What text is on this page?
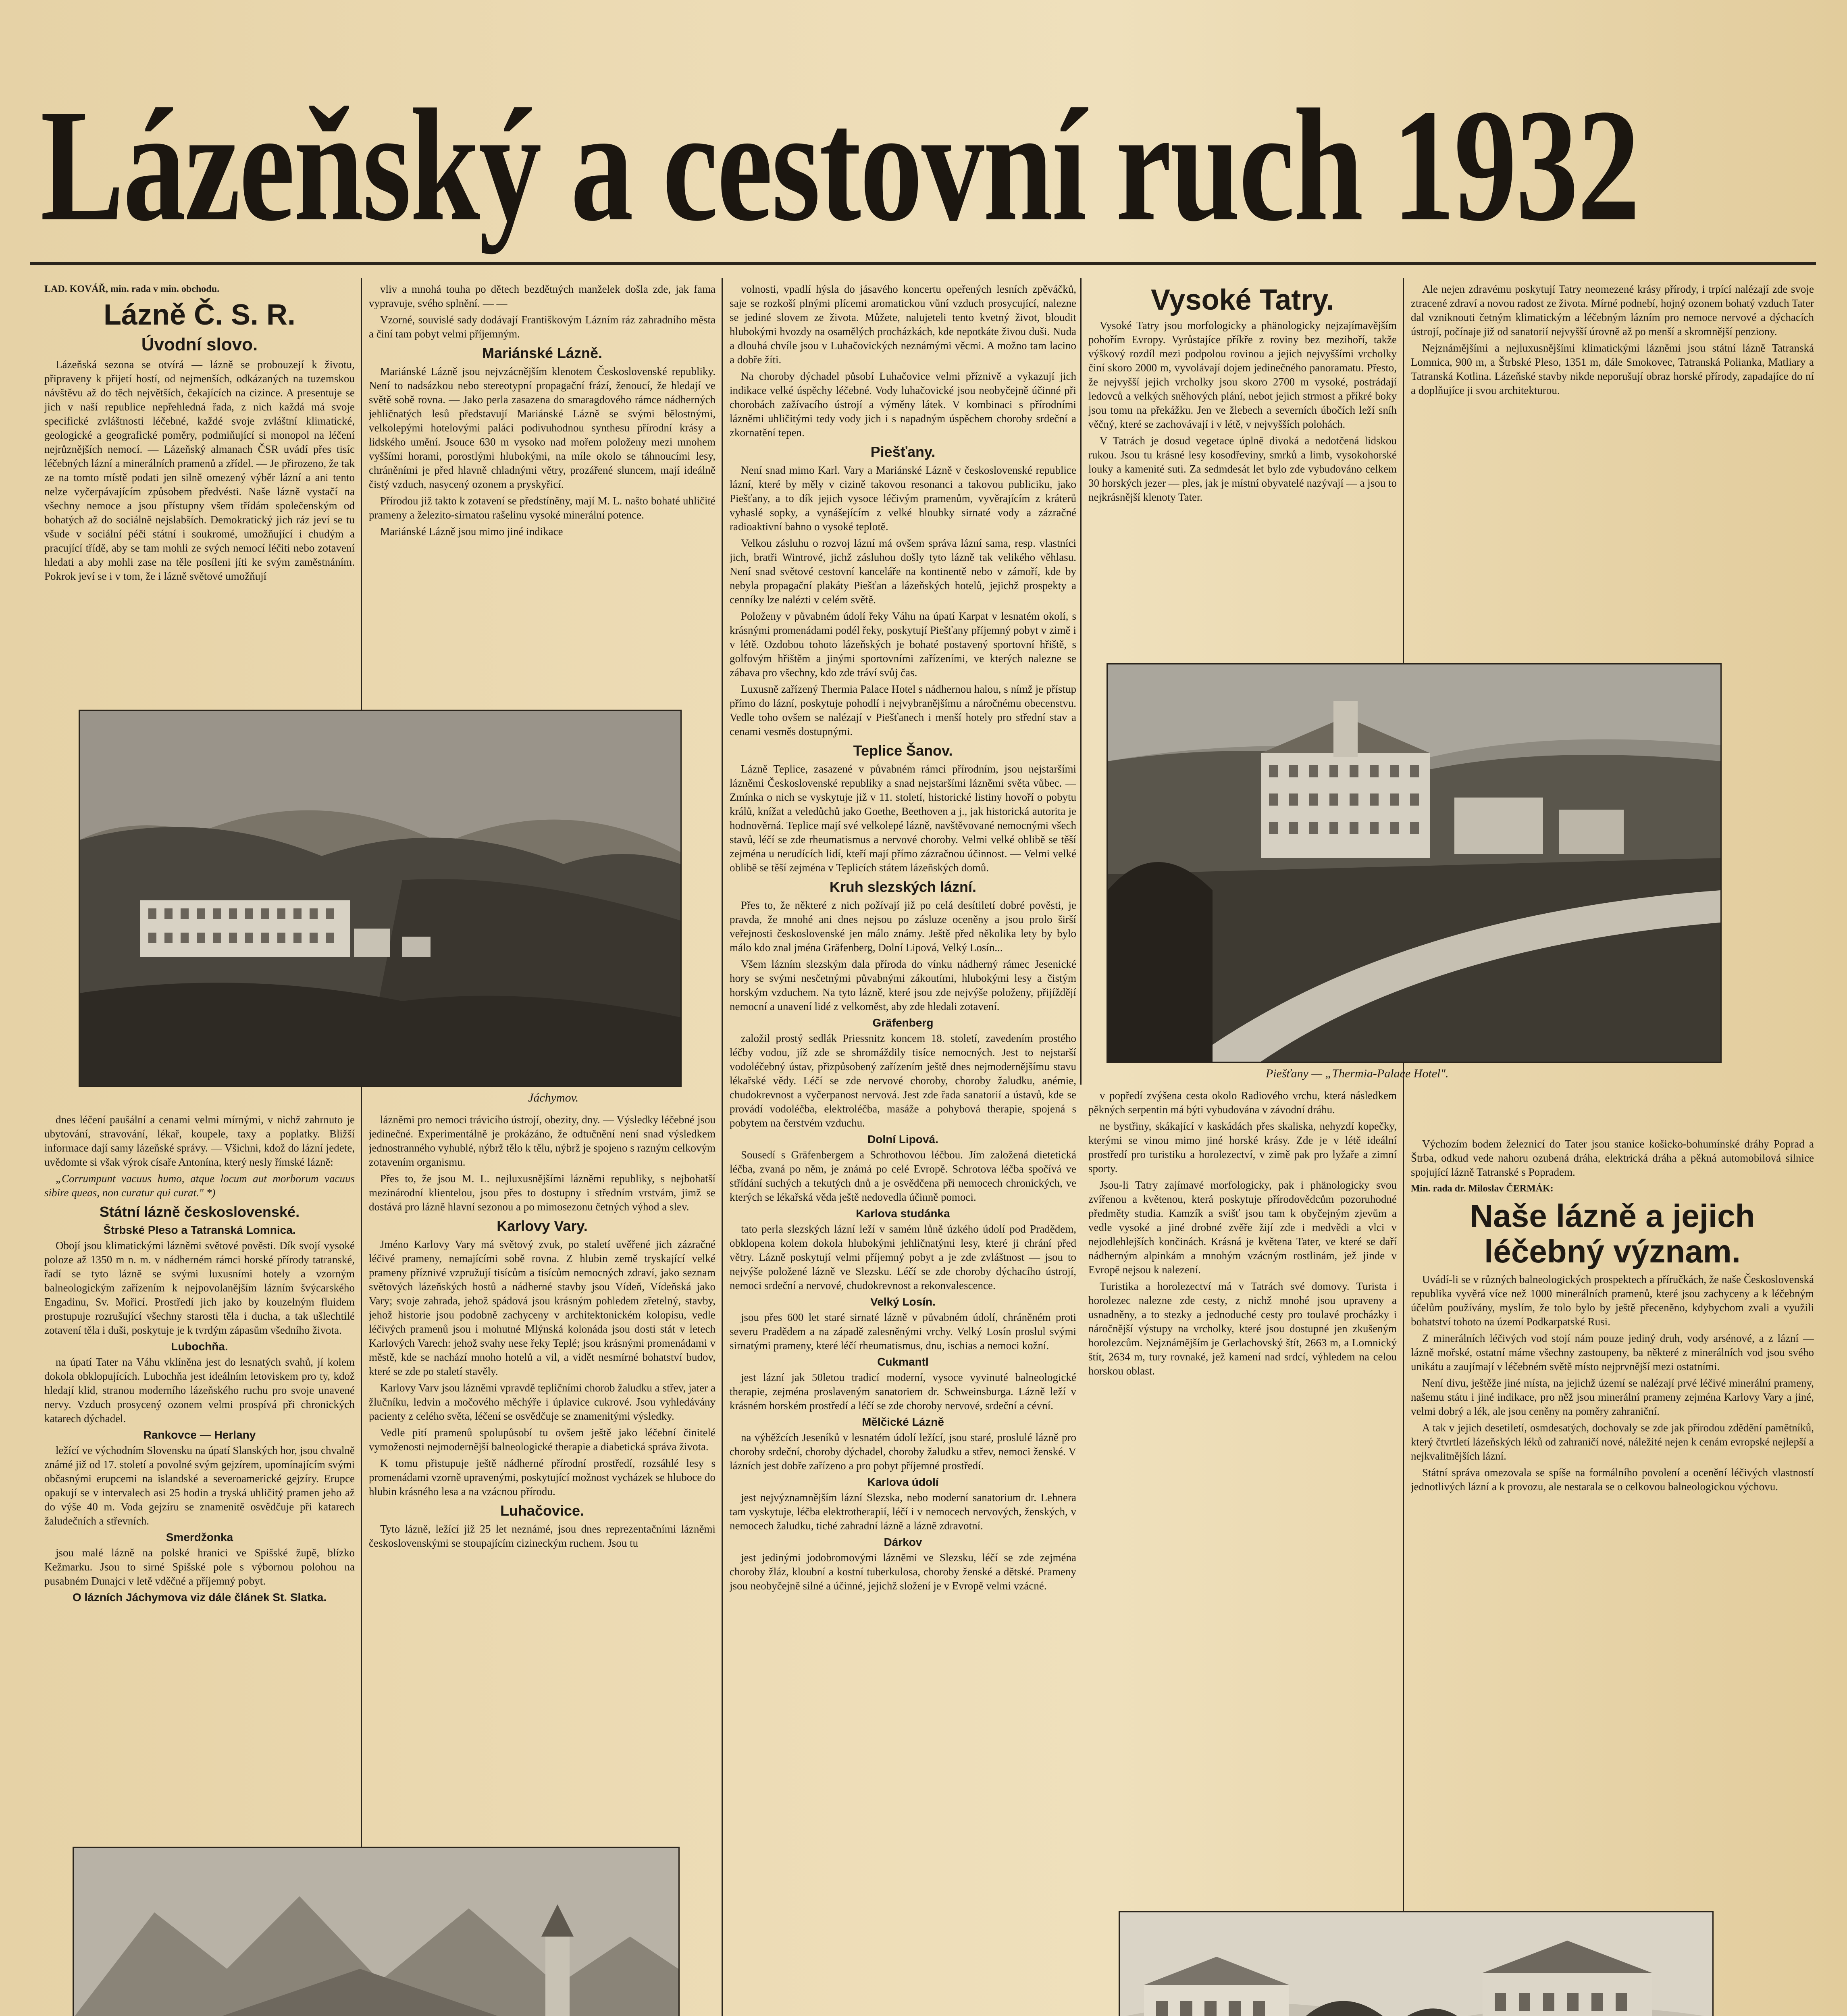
Lázeňský a cestovní ruch 1932
LAD. KOVÁŘ, min. rada v min. obchodu.
Lázně Č. S. R.
Úvodní slovo.

Lázeňská sezona se otvírá — lázně se probouzejí k životu, připraveny k přijetí hostí, od nejmenších, odkázaných na tuzemskou návštěvu až do těch největších, čekajících na cizince. A presentuje se jich v naší republice nepřehledná řada, z nich každá má svoje specifické zvláštnosti léčebné, každé svoje zvláštní klimatické, geologické a geografické poměry, podmiňující si monopol na léčení nejrůznějších nemocí. — Lázeňský almanach ČSR uvádí přes tisíc léčebných lázní a minerálních pramenů a zřídel. — Je přirozeno, že tak ze na tomto místě podati jen silně omezený výběr lázní a ani tento nelze vyčerpávajícím způsobem předvésti. Naše lázně vystačí na všechny nemoce a jsou přístupny všem třídám společenským od bohatých až do sociálně nejslabších. Demokratický jich ráz jeví se tu všude v sociální péči státní i soukromé, umožňující i chudým a pracující třídě, aby se tam mohli ze svých nemocí léčiti nebo zotavení hledati a aby mohli zase na těle posíleni jíti ke svým zaměstnáním. Pokrok jeví se i v tom, že i lázně světové umožňují

vliv a mnohá touha po dětech bezdětných manželek došla zde, jak fama vypravuje, svého splnění. — —

Vzorné, souvislé sady dodávají Františkovým Lázním ráz zahradního města a činí tam pobyt velmi příjemným.

Mariánské Lázně.

Mariánské Lázně jsou nejvzácnějším klenotem Československé republiky. Není to nadsázkou nebo stereotypní propagační frází, ženoucí, že hledají ve světě sobě rovna. — Jako perla zasazena do smaragdového rámce nádherných jehličnatých lesů představují Mariánské Lázně se svými bělostnými, velkolepými hotelovými paláci podivuhodnou synthesu přírodní krásy a lidského umění. Jsouce 630 m vysoko nad mořem položeny mezi mnohem vyššími horami, porostlými hlubokými, na míle okolo se táhnoucími lesy, chráněními je před hlavně chladnými větry, prozářené sluncem, mají ideálně čistý vzduch, nasycený ozonem a pryskyřicí.

Přírodou již takto k zotavení se předstíněny, mají M. L. našto bohaté uhličité prameny a železito-sirnatou rašelinu vysoké minerální potence.

Mariánské Lázně jsou mimo jiné indikace

Jáchymov.

dnes léčení paušální a cenami velmi mírnými, v nichž zahrnuto je ubytování, stravování, lékař, koupele, taxy a poplatky. Bližší informace dají samy lázeňské správy. — Všichni, kdož do lázní jedete, uvědomte si však výrok císaře Antonína, který nesly římské lázně:

„Corrumpunt vacuus humo, atque locum aut morborum vacuus sibire queas, non curatur qui curat." *)

Státní lázně československé.
Štrbské Pleso a Tatranská Lomnica.

Obojí jsou klimatickými lázněmi světové pověsti. Dík svojí vysoké poloze až 1350 m n. m. v nádherném rámci horské přírody tatranské, řadí se tyto lázně se svými luxusními hotely a vzorným balneologickým zařízením k nejpovolanějším lázním švýcarského Engadinu, Sv. Mořicí. Prostředí jich jako by kouzelným fluidem prostupuje rozrušující všechny starosti těla i ducha, a tak ušlechtilé zotavení těla i duši, poskytuje je k tvrdým zápasům všedního života.

Lubochňa.

na úpatí Tater na Váhu vklíněna jest do lesnatých svahů, jí kolem dokola obklopujících. Lubochňa jest ideálním letoviskem pro ty, kdož hledají klid, stranou moderního lázeňského ruchu pro svoje unavené nervy. Vzduch prosycený ozonem velmi prospívá při chronických katarech dýchadel.

Rankovce — Herlany

ležící ve východním Slovensku na úpatí Slanských hor, jsou chvalně známé již od 17. století a povolné svým gejzírem, upomínajícím svými občasnými erupcemi na islandské a severoamerické gejzíry. Erupce opakují se v intervalech asi 25 hodin a tryská uhličitý pramen jeho až do výše 40 m. Voda gejzíru se znamenitě osvědčuje při katarech žaludečních a střevních.

Smerdžonka

jsou malé lázně na polské hranici ve Spišské župě, blízko Kežmarku. Jsou to sirné Spišské pole s výbornou polohou na pusabném Dunajci v letě vděčné a příjemný pobyt.

O lázních Jáchymova viz dále článek St. Slatka.

lázněmi pro nemoci trávicího ústrojí, obezity, dny. — Výsledky léčebné jsou jedinečné. Experimentálně je prokázáno, že odtučnění není snad výsledkem jednostranného vyhublé, nýbrž tělo k tělu, nýbrž je spojeno s razným celkovým zotavením organismu.

Přes to, že jsou M. L. nejluxusnějšími lázněmi republiky, s nejbohatší mezinárodní klientelou, jsou přes to dostupny i středním vrstvám, jimž se dostává pro lázně hlavní sezonou a po mimosezonu četných výhod a slev.

Karlovy Vary.

Jméno Karlovy Vary má světový zvuk, po staletí uvěřené jich zázračné léčivé prameny, nemajícími sobě rovna. Z hlubin země tryskající velké prameny příznivé vzpružují tisícům a tisícům nemocných zdraví, jako seznam světových lázeňských hostů a nádherné stavby jsou Vídeň, Vídeňská jako Vary; svoje zahrada, jehož spádová jsou krásným pohledem zřetelný, stavby, jehož historie jsou podobně zachyceny v architektonickém kolopisu, vedle léčivých pramenů jsou i mohutné Mlýnská kolonáda jsou dosti stát v letech Karlových Varech: jehož svahy nese řeky Teplé; jsou krásnými promenádami v městě, kde se nachází mnoho hotelů a vil, a vidět nesmírné bohatství budov, které se zde po staletí stavěly.

Karlovy Varv jsou lázněmi vpravdě tepličními chorob žaludku a střev, jater a žlučníku, ledvin a močového měchýře i úplavice cukrové. Jsou vyhledávány pacienty z celého světa, léčení se osvědčuje se znamenitými výsledky.

Vedle pití pramenů spolupůsobí tu ovšem ještě jako léčební činitelé vymoženosti nejmodernější balneologické therapie a diabetická správa života.

K tomu přistupuje ještě nádherné přírodní prostředí, rozsáhlé lesy s promenádami vzorně upravenými, poskytující možnost vycházek se hluboce do hlubin krásného lesa a na vzácnou přírodu.

Luhačovice.

Tyto lázně, ležící již 25 let neznámé, jsou dnes reprezentačními lázněmi československými se stoupajícím cizineckým ruchem. Jsou tu

volnosti, vpadlí hýsla do jásavého koncertu opeřených lesních zpěváčků, saje se rozkoší plnými plícemi aromatickou vůní vzduch prosycující, nalezne se jediné slovem ze života. Můžete, nalujeteli tento kvetný život, bloudit hlubokými hvozdy na osamělých procházkách, kde nepotkáte živou duši. Nuda a dlouhá chvíle jsou v Luhačovických neznámými věcmi. A možno tam lacino a dobře žíti.

Na choroby dýchadel působí Luhačovice velmi příznivě a vykazují jich indikace velké úspěchy léčebné. Vody luhačovické jsou neobyčejně účinné při chorobách zažívacího ústrojí a výměny látek. V kombinaci s přírodními lázněmi uhličitými tedy vody jich i s napadným úspěchem choroby srdeční a zkornatění tepen.

Piešťany.

Není snad mimo Karl. Vary a Mariánské Lázně v československé republice lázní, které by měly v cizině takovou resonanci a takovou publiciku, jako Piešťany, a to dík jejich vysoce léčivým pramenům, vyvěrajícím z kráterů vyhaslé sopky, a vynášejícím z velké hloubky sirnaté vody a zázračné radioaktivní bahno o vysoké teplotě.

Velkou zásluhu o rozvoj lázní má ovšem správa lázní sama, resp. vlastníci jich, bratři Wintrové, jichž zásluhou došly tyto lázně tak velikého věhlasu. Není snad světové cestovní kanceláře na kontinentě nebo v zámoří, kde by nebyla propagační plakáty Piešťan a lázeňských hotelů, jejichž prospekty a cenníky lze nalézti v celém světě.

Položeny v půvabném údolí řeky Váhu na úpatí Karpat v lesnatém okolí, s krásnými promenádami podél řeky, poskytují Piešťany příjemný pobyt v zimě i v létě. Ozdobou tohoto lázeňských je bohaté postavený sportovní hřiště, s golfovým hřištěm a jinými sportovními zařízeními, ve kterých nalezne se zábava pro všechny, kdo zde tráví svůj čas.

Luxusně zařízený Thermia Palace Hotel s nádhernou halou, s nímž je přístup přímo do lázní, poskytuje pohodlí i nejvybranějšímu a náročnému obecenstvu. Vedle toho ovšem se nalézají v Piešťanech i menší hotely pro střední stav a cenami vesměs dostupnými.

Teplice Šanov.

Lázně Teplice, zasazené v půvabném rámci přírodním, jsou nejstaršími lázněmi Československé republiky a snad nejstaršími lázněmi světa vůbec. — Zmínka o nich se vyskytuje již v 11. století, historické listiny hovoří o pobytu králů, knížat a veledůchů jako Goethe, Beethoven a j., jak historická autorita je hodnověrná. Teplice mají své velkolepé lázně, navštěvované nemocnými všech stavů, léčí se zde rheumatismus a nervové choroby. Velmi velké oblibě se těší zejména u nerudících lidí, kteří mají přímo zázračnou účinnost. — Velmi velké oblibě se těší zejména v Teplicích státem lázeňských domů.

Kruh slezských lázní.

Přes to, že některé z nich požívají již po celá desítiletí dobré pověsti, je pravda, že mnohé ani dnes nejsou po zásluze oceněny a jsou prolo širší veřejnosti československé jen málo známy. Ještě před několika lety by bylo málo kdo znal jména Gräfenberg, Dolní Lipová, Velký Losín...

Všem lázním slezským dala příroda do vínku nádherný rámec Jesenické hory se svými nesčetnými půvabnými zákoutími, hlubokými lesy a čistým horským vzduchem. Na tyto lázně, které jsou zde nejvýše položeny, přijíždějí nemocní a unavení lidé z velkoměst, aby zde hledali zotavení.

Gräfenberg

založil prostý sedlák Priessnitz koncem 18. století, zavedením prostého léčby vodou, jíž zde se shromáždily tisíce nemocných. Jest to nejstarší vodoléčebný ústav, přizpůsobený zařízením ještě dnes nejmodernějšímu stavu lékařské vědy. Léčí se zde nervové choroby, choroby žaludku, anémie, chudokrevnost a vyčerpanost nervová. Jest zde řada sanatorií a ústavů, kde se provádí vodoléčba, elektroléčba, masáže a pohybová therapie, spojená s pobytem na čerstvém vzduchu.

Dolní Lipová.

Sousedí s Gräfenbergem a Schrothovou léčbou. Jím založená dietetická léčba, zvaná po něm, je známá po celé Evropě. Schrotova léčba spočívá ve střídání suchých a tekutých dnů a je osvědčena při nemocech chronických, ve kterých se lékařská věda ještě nedovedla účinně pomoci.

Karlova studánka

tato perla slezských lázní leží v samém lůně úzkého údolí pod Pradědem, obklopena kolem dokola hlubokými jehličnatými lesy, které ji chrání před větry. Lázně poskytují velmi příjemný pobyt a je zde zvláštnost — jsou to nejvýše položené lázně ve Slezsku. Léčí se zde choroby dýchacího ústrojí, nemoci srdeční a nervové, chudokrevnost a rekonvalescence.

Velký Losín.

jsou přes 600 let staré sirnaté lázně v půvabném údolí, chráněném proti severu Pradědem a na západě zalesněnými vrchy. Velký Losín proslul svými sirnatými prameny, které léčí rheumatismus, dnu, ischias a nemoci kožní.

Cukmantl

jest lázní jak 50letou tradicí moderní, vysoce vyvinuté balneologické therapie, zejména proslaveným sanatoriem dr. Schweinsburga. Lázně leží v krásném horském prostředí a léčí se zde choroby nervové, srdeční a cévní.

Mělčické Lázně

na výběžcích Jeseníků v lesnatém údolí ležící, jsou staré, proslulé lázně pro choroby srdeční, choroby dýchadel, choroby žaludku a střev, nemoci ženské. V lázních jest dobře zařízeno a pro pobyt příjemné prostředí.

Karlova údolí

jest nejvýznamnějším lázní Slezska, nebo moderní sanatorium dr. Lehnera tam vyskytuje, léčba elektrotherapií, léčí i v nemocech nervových, ženských, v nemocech žaludku, tiché zahradní lázně a lázně zdravotní.

Dárkov

jest jedinými jodobromovými lázněmi ve Slezsku, léčí se zde zejména choroby žláz, kloubní a kostní tuberkulosa, choroby ženské a dětské. Prameny jsou neobyčejně silné a účinné, jejichž složení je v Evropě velmi vzácné.

Vysoké Tatry.

Vysoké Tatry jsou morfologicky a phänologicky nejzajímavějším pohořím Evropy. Vyrůstajíce příkře z roviny bez mezihoří, takže výškový rozdíl mezi podpolou rovinou a jejich nejvyššími vrcholky činí skoro 2000 m, vyvolávají dojem jedinečného panoramatu. Přesto, že nejvyšší jejich vrcholky jsou skoro 2700 m vysoké, postrádají ledovců a velkých sněhových plání, nebot jejich strmost a příkré boky jsou tomu na překážku. Jen ve žlebech a severních úbočích leží sníh věčný, které se zachovávají i v létě, v nejvyšších polohách.

V Tatrách je dosud vegetace úplně divoká a nedotčená lidskou rukou. Jsou tu krásné lesy kosodřeviny, smrků a limb, vysokohorské louky a kamenité suti. Za sedmdesát let bylo zde vybudováno celkem 30 horských jezer — ples, jak je místní obyvatelé nazývají — a jsou to nejkrásnější klenoty Tater.

Ale nejen zdravému poskytují Tatry neomezené krásy přírody, i trpící nalézají zde svoje ztracené zdraví a novou radost ze života. Mírné podnebí, hojný ozonem bohatý vzduch Tater dal vzniknouti četným klimatickým a léčebným lázním pro nemoce nervové a dýchacích ústrojí, počínaje již od sanatorií nejvyšší úrovně až po menší a skromnější penziony.

Nejznámějšími a nejluxusnějšími klimatickými lázněmi jsou státní lázně Tatranská Lomnica, 900 m, a Štrbské Pleso, 1351 m, dále Smokovec, Tatranská Polianka, Matliary a Tatranská Kotlina. Lázeňské stavby nikde neporušují obraz horské přírody, zapadajíce do ní a doplňujíce ji svou architekturou.

Piešťany — „Thermia-Palace Hotel".

v popředí zvýšena cesta okolo Radiového vrchu, která následkem pěkných serpentin má býti vybudována v závodní dráhu.

ne bystřiny, skákající v kaskádách přes skaliska, nehyzdí kopečky, kterými se vinou mimo jiné horské krásy. Zde je v létě ideální prostředí pro turistiku a horolezectví, v zimě pak pro lyžaře a zimní sporty.

Jsou-li Tatry zajímavé morfologicky, pak i phänologicky svou zvířenou a květenou, která poskytuje přírodovědcům pozoruhodné předměty studia. Kamzík a svišť jsou tam k obyčejným zjevům a vedle vysoké a jiné drobné zvěře žijí zde i medvědi a vlci v nejodlehlejších končinách. Krásná je květena Tater, ve které se daří nádherným alpinkám a mnohým vzácným rostlinám, jež jinde v Evropě nejsou k nalezení.

Turistika a horolezectví má v Tatrách své domovy. Turista i horolezec nalezne zde cesty, z nichž mnohé jsou upraveny a usnadněny, a to stezky a jednoduché cesty pro toulavé procházky i náročnější výstupy na vrcholky, které jsou dostupné jen zkušeným horolezcům. Nejznámějším je Gerlachovský štít, 2663 m, a Lomnický štít, 2634 m, tury rovnaké, jež kamení nad srdcí, výhledem na celou horskou oblast.

Výchozím bodem železnicí do Tater jsou stanice košicko-bohumínské dráhy Poprad a Štrba, odkud vede nahoru ozubená dráha, elektrická dráha a pěkná automobilová silnice spojující lázně Tatranské s Popradem.

Min. rada dr. Miloslav ČERMÁK:
Naše lázně a jejich léčebný význam.

Uvádí-li se v různých balneologických prospektech a příručkách, že naše Československá republika vyvěrá více než 1000 minerálních pramenů, které jsou zachyceny a k léčebným účelům používány, myslím, že tolo bylo by ještě přeceněno, kdybychom zvali a využili bohatství tohoto na území Podkarpatské Rusi.

Z minerálních léčivých vod stojí nám pouze jediný druh, vody arsénové, a z lázní — lázně mořské, ostatní máme všechny zastoupeny, ba některé z minerálních vod jsou svého unikátu a zaujímají v léčebném světě místo nejprvnější mezi ostatními.

Není divu, ještěže jiné místa, na jejichž území se nalézají prvé léčivé minerální prameny, našemu státu i jiné indikace, pro něž jsou minerální prameny zejména Karlovy Vary a jiné, velmi dobrý a lék, ale jsou ceněny na poměry zahraniční.

A tak v jejich desetiletí, osmdesatých, dochovaly se zde jak přírodou zdědění pamětníků, který čtvrtletí lázeňských léků od zahraničí nové, náležité nejen k cenám evropské nejlepší a nejkvalitnějších lázní.

Státní správa omezovala se spíše na formálního povolení a ocenění léčivých vlastností jednotlivých lázní a k provozu, ale nestarala se o celkovou balneologickou výchovu.
